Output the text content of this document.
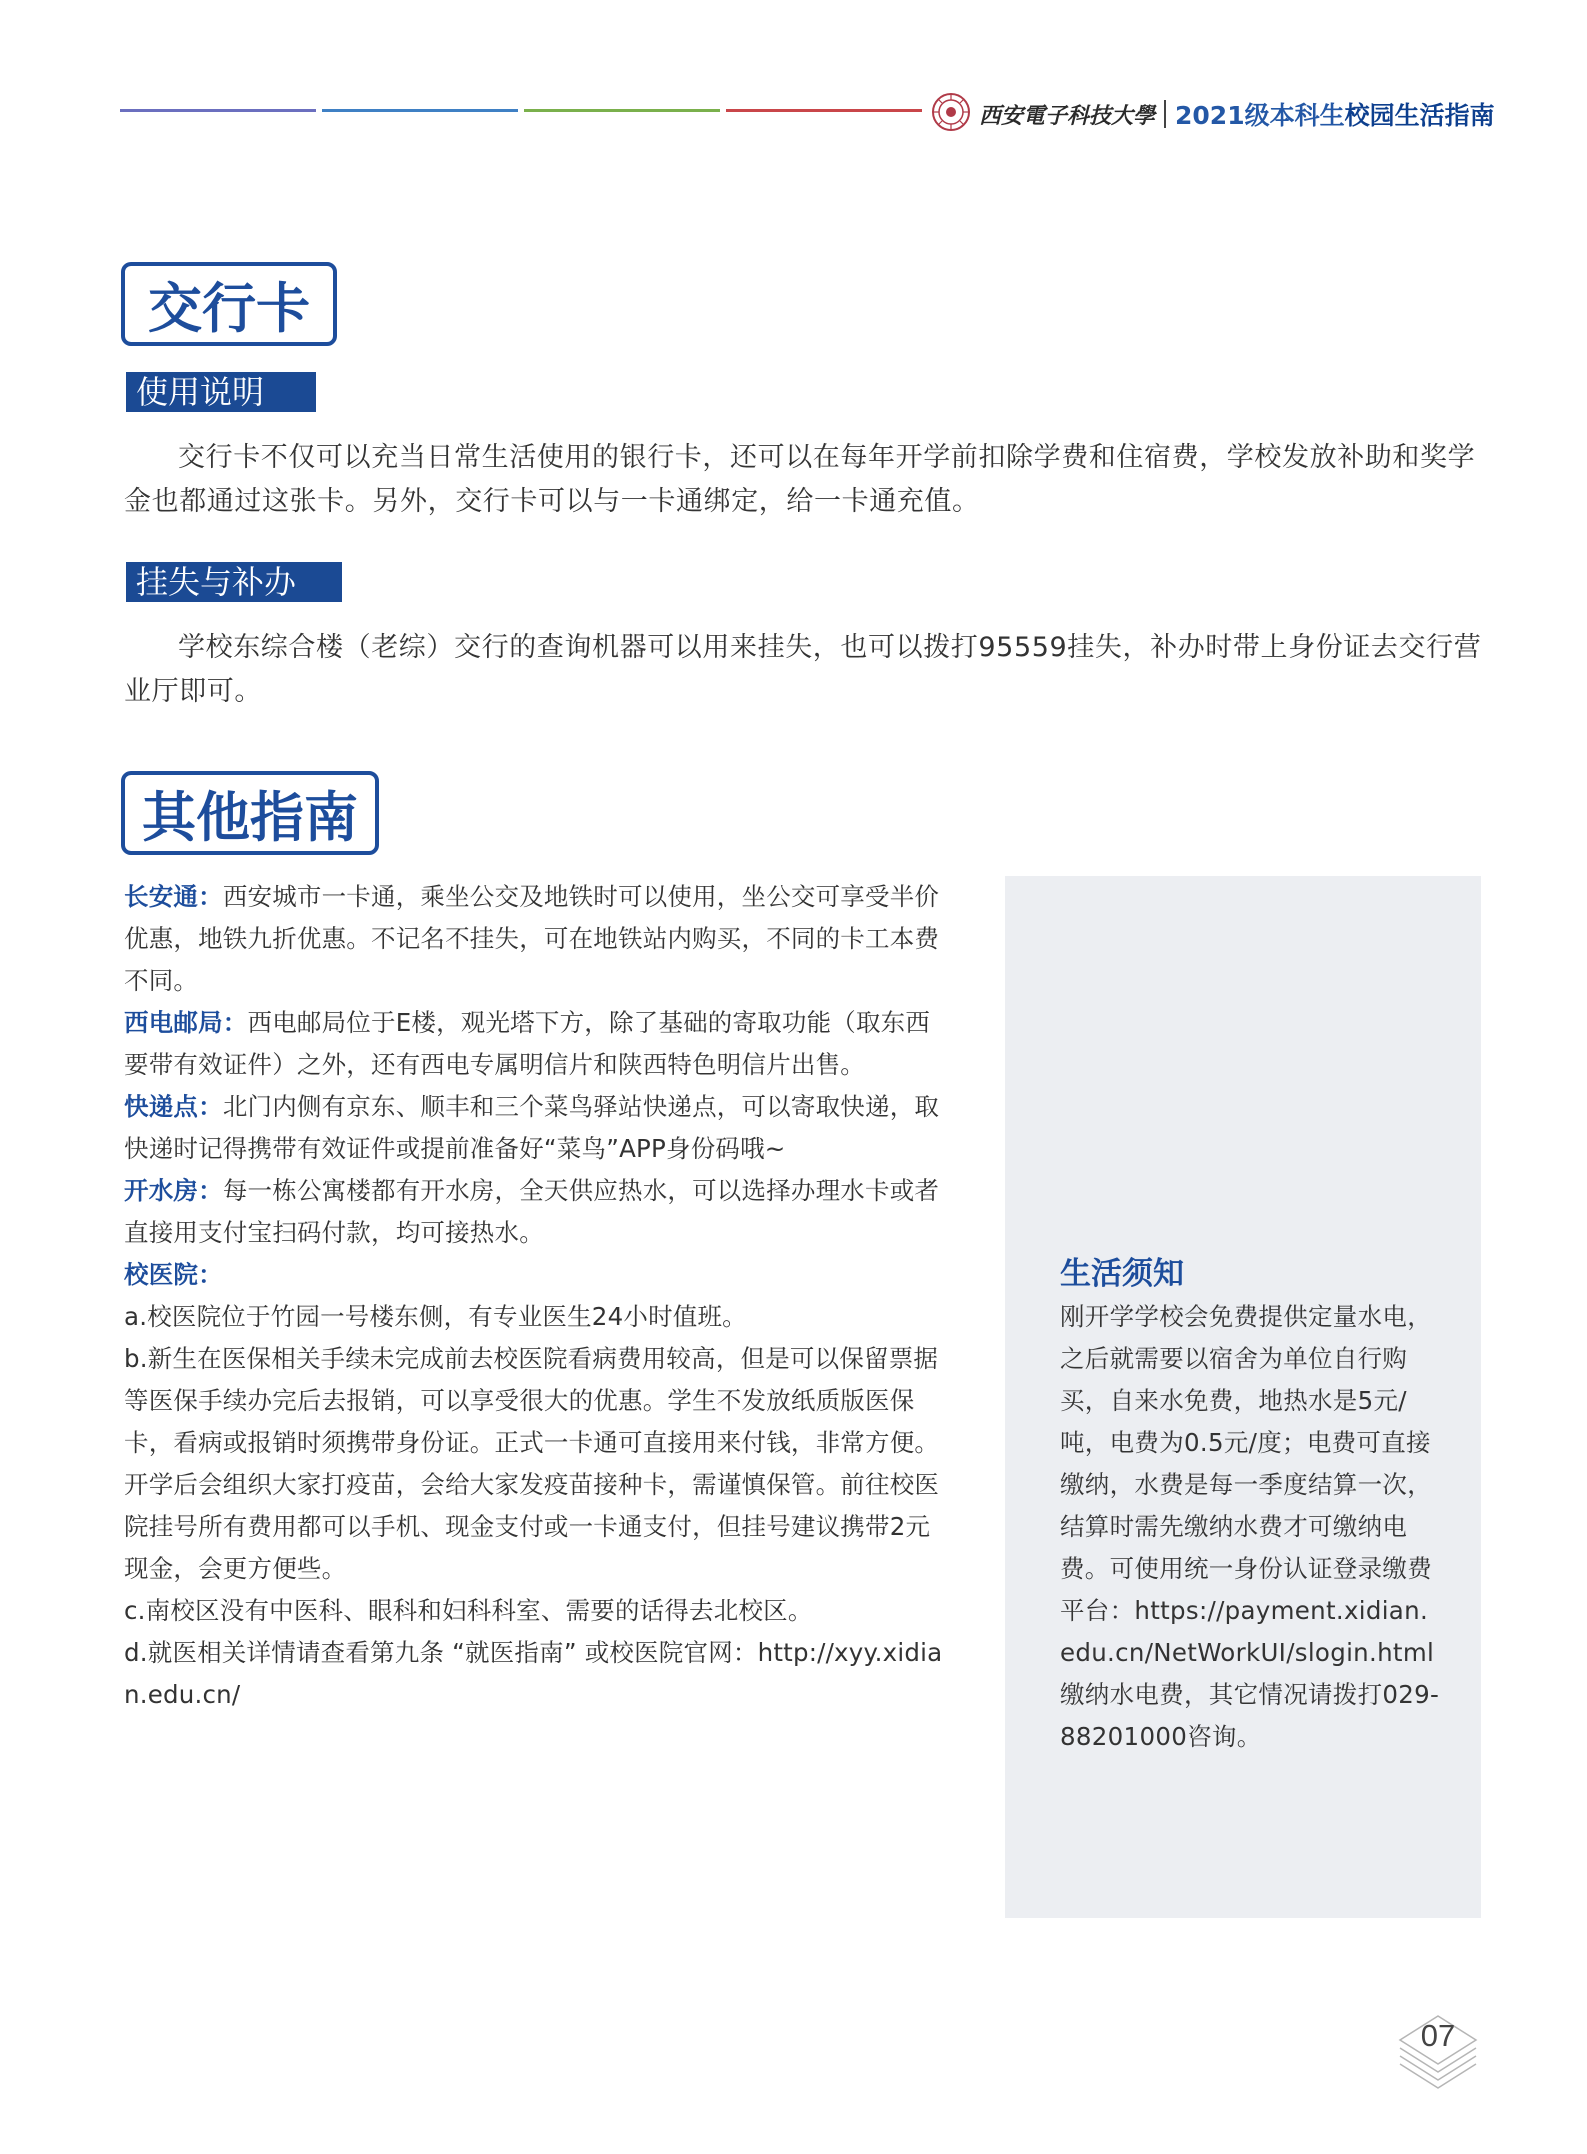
西安電子科技大學 2021级本科生 校园生活指南
交行卡
使用说明

交行卡不仅可以充当日常生活使用的银行卡，还可以在每年开学前扣除学费和住宿费，学校发放补助和奖学金也都通过这张卡。另外，交行卡可以与一卡通绑定，给一卡通充值。

挂失与补办

学校东综合楼（老综）交行的查询机器可以用来挂失，也可以拨打95559挂失，补办时带上身份证去交行营业厅即可。

其他指南

长安通：西安城市一卡通，乘坐公交及地铁时可以使用，坐公交可享受半价优惠，地铁九折优惠。不记名不挂失，可在地铁站内购买，不同的卡工本费不同。

西电邮局：西电邮局位于E楼，观光塔下方，除了基础的寄取功能（取东西要带有效证件）之外，还有西电专属明信片和陕西特色明信片出售。

快递点：北门内侧有京东、顺丰和三个菜鸟驿站快递点，可以寄取快递，取快递时记得携带有效证件或提前准备好“菜鸟”APP身份码哦~

开水房：每一栋公寓楼都有开水房，全天供应热水，可以选择办理水卡或者直接用支付宝扫码付款，均可接热水。

校医院：

a.校医院位于竹园一号楼东侧，有专业医生24小时值班。

b.新生在医保相关手续未完成前去校医院看病费用较高，但是可以保留票据等医保手续办完后去报销，可以享受很大的优惠。学生不发放纸质版医保卡，看病或报销时须携带身份证。正式一卡通可直接用来付钱，非常方便。开学后会组织大家打疫苗，会给大家发疫苗接种卡，需谨慎保管。前往校医院挂号所有费用都可以手机、现金支付或一卡通支付，但挂号建议携带2元现金，会更方便些。

c.南校区没有中医科、眼科和妇科科室、需要的话得去北校区。

d.就医相关详情请查看第九条 “就医指南” 或校医院官网：http://xyy.xidian.edu.cn/

生活须知

刚开学学校会免费提供定量水电，之后就需要以宿舍为单位自行购买，自来水免费，地热水是5元/吨，电费为0.5元/度；电费可直接缴纳，水费是每一季度结算一次，结算时需先缴纳水费才可缴纳电费。可使用统一身份认证登录缴费平台：https://payment.xidian.edu.cn/NetWorkUI/slogin.html 缴纳水电费，其它情况请拨打029-88201000咨询。

07
